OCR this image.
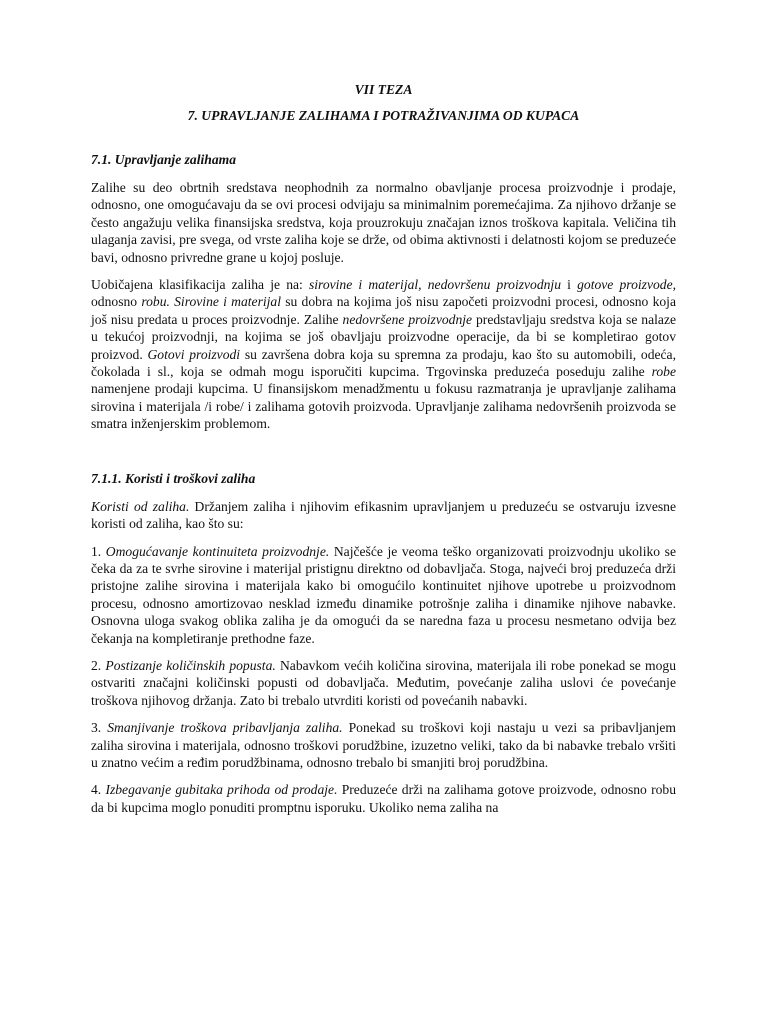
VII TEZA
7. UPRAVLJANJE ZALIHAMA I POTRAŽIVANJIMA OD KUPACA
7.1. Upravljanje zalihama

Zalihe su deo obrtnih sredstava neophodnih za normalno obavljanje procesa proizvodnje i prodaje, odnosno, one omogućavaju da se ovi procesi odvijaju sa minimalnim poremećajima. Za njihovo držanje se često angažuju velika finansijska sredstva, koja prouzrokuju značajan iznos troškova kapitala. Veličina tih ulaganja zavisi, pre svega, od vrste zaliha koje se drže, od obima aktivnosti i delatnosti kojom se preduzeće bavi, odnosno privredne grane u kojoj posluje.

Uobičajena klasifikacija zaliha je na: sirovine i materijal, nedovršenu proizvodnju i gotove proizvode, odnosno robu. Sirovine i materijal su dobra na kojima još nisu započeti proizvodni procesi, odnosno koja još nisu predata u proces proizvodnje. Zalihe nedovršene proizvodnje predstavljaju sredstva koja se nalaze u tekućoj proizvodnji, na kojima se još obavljaju proizvodne operacije, da bi se kompletirao gotov proizvod. Gotovi proizvodi su završena dobra koja su spremna za prodaju, kao što su automobili, odeća, čokolada i sl., koja se odmah mogu isporučiti kupcima. Trgovinska preduzeća poseduju zalihe robe namenjene prodaji kupcima. U finansijskom menadžmentu u fokusu razmatranja je upravljanje zalihama sirovina i materijala /i robe/ i zalihama gotovih proizvoda. Upravljanje zalihama nedovršenih proizvoda se smatra inženjerskim problemom.

7.1.1. Koristi i troškovi zaliha

Koristi od zaliha. Držanjem zaliha i njihovim efikasnim upravljanjem u preduzeću se ostvaruju izvesne koristi od zaliha, kao što su:

1. Omogućavanje kontinuiteta proizvodnje. Najčešće je veoma teško organizovati proizvodnju ukoliko se čeka da za te svrhe sirovine i materijal pristignu direktno od dobavljača. Stoga, najveći broj preduzeća drži pristojne zalihe sirovina i materijala kako bi omogućilo kontinuitet njihove upotrebe u proizvodnom procesu, odnosno amortizovao nesklad između dinamike potrošnje zaliha i dinamike njihove nabavke. Osnovna uloga svakog oblika zaliha je da omogući da se naredna faza u procesu nesmetano odvija bez čekanja na kompletiranje prethodne faze.

2. Postizanje količinskih popusta. Nabavkom većih količina sirovina, materijala ili robe ponekad se mogu ostvariti značajni količinski popusti od dobavljača. Međutim, povećanje zaliha uslovi će povećanje troškova njihovog držanja. Zato bi trebalo utvrditi koristi od povećanih nabavki.

3. Smanjivanje troškova pribavljanja zaliha. Ponekad su troškovi koji nastaju u vezi sa pribavljanjem zaliha sirovina i materijala, odnosno troškovi porudžbine, izuzetno veliki, tako da bi nabavke trebalo vršiti u znatno većim a ređim porudžbinama, odnosno trebalo bi smanjiti broj porudžbina.

4. Izbegavanje gubitaka prihoda od prodaje. Preduzeće drži na zalihama gotove proizvode, odnosno robu da bi kupcima moglo ponuditi promptnu isporuku. Ukoliko nema zaliha na
